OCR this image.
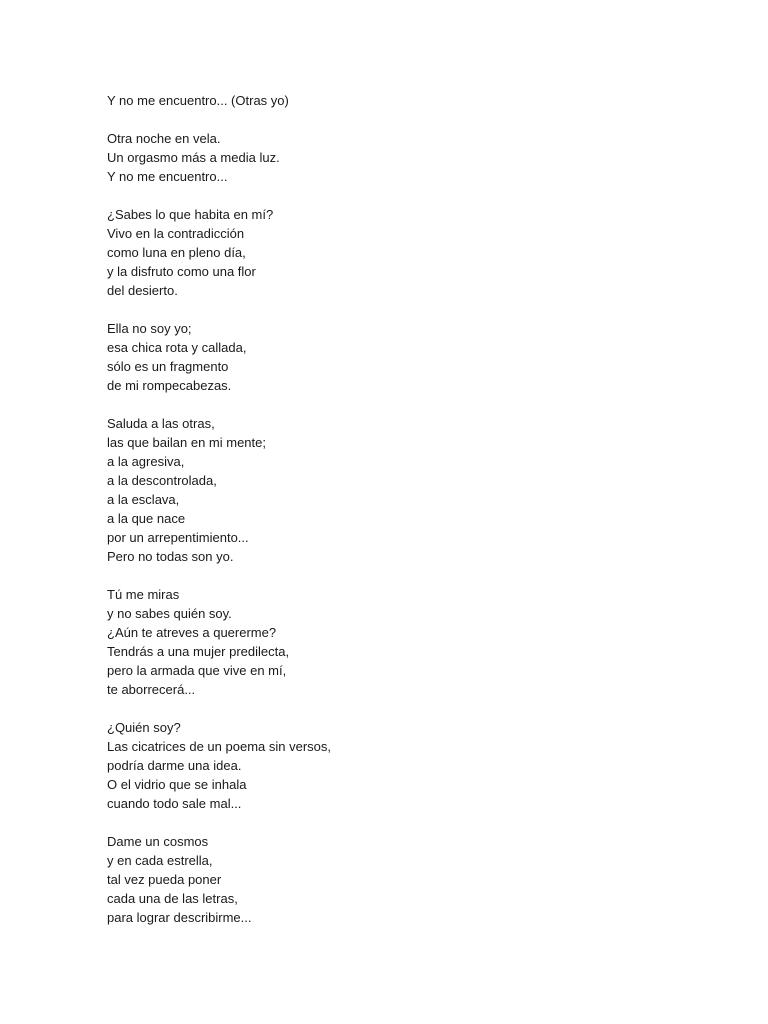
Y no me encuentro... (Otras yo)
Otra noche en vela.
Un orgasmo más a media luz.
Y no me encuentro...
¿Sabes lo que habita en mí?
Vivo en la contradicción
como luna en pleno día,
y la disfruto como una flor
del desierto.
Ella no soy yo;
esa chica rota y callada,
sólo es un fragmento
de mi rompecabezas.
Saluda a las otras,
las que bailan en mi mente;
a la agresiva,
a la descontrolada,
a la esclava,
a la que nace
por un arrepentimiento...
Pero no todas son yo.
Tú me miras
y no sabes quién soy.
¿Aún te atreves a quererme?
Tendrás a una mujer predilecta,
pero la armada que vive en mí,
te aborrecerá...
¿Quién soy?
Las cicatrices de un poema sin versos,
podría darme una idea.
O el vidrio que se inhala
cuando todo sale mal...
Dame un cosmos
y en cada estrella,
tal vez pueda poner
cada una de las letras,
para lograr describirme...
